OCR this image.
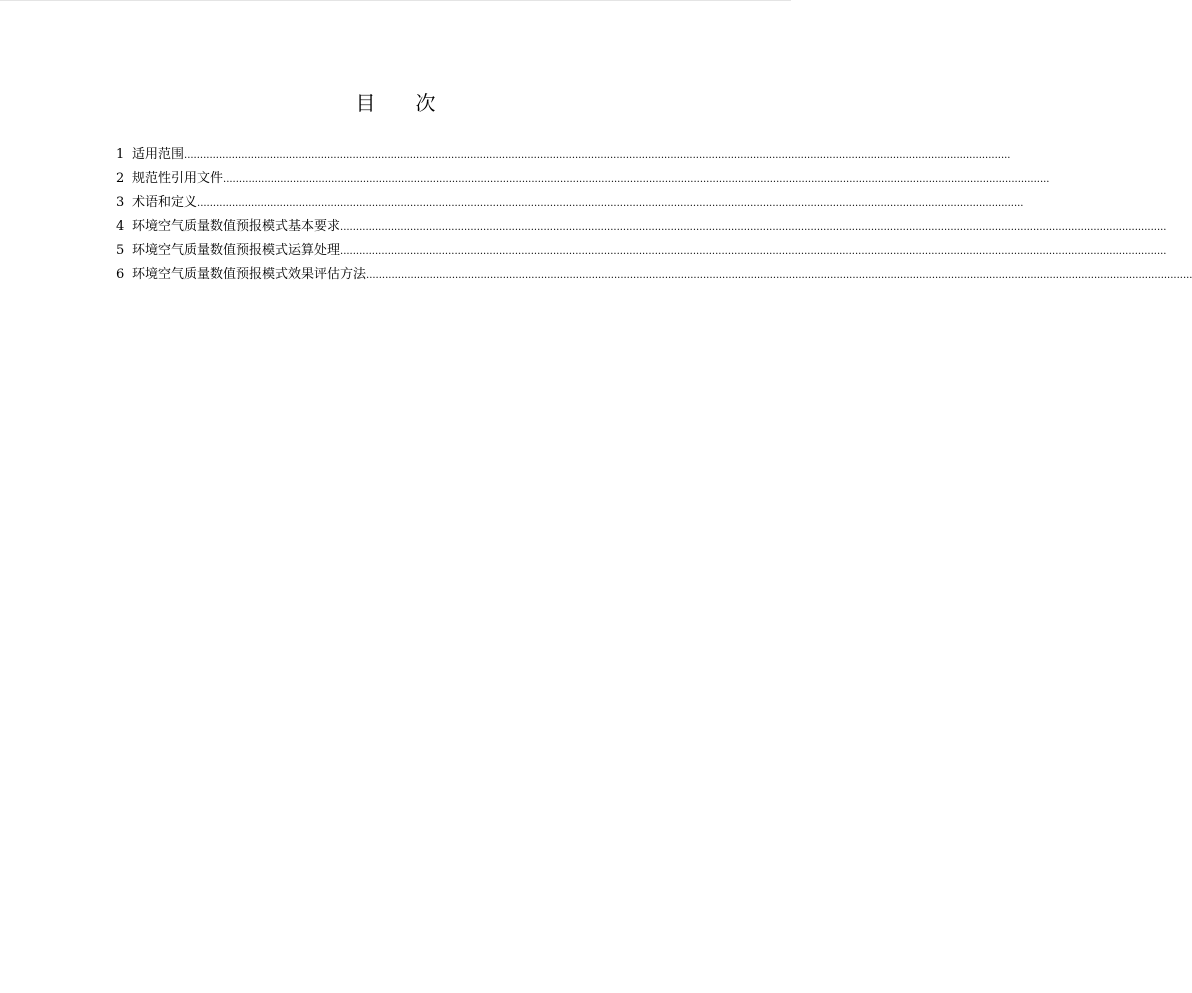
目 次
1 适用范围 ....................................................................................................................................................................................................................................................................
2 规范性引用文件 ....................................................................................................................................................................................................................................................................
3 术语和定义 ....................................................................................................................................................................................................................................................................
4 环境空气质量数值预报模式基本要求 ....................................................................................................................................................................................................................................................................
5 环境空气质量数值预报模式运算处理 ....................................................................................................................................................................................................................................................................
6 环境空气质量数值预报模式效果评估方法 ....................................................................................................................................................................................................................................................................
